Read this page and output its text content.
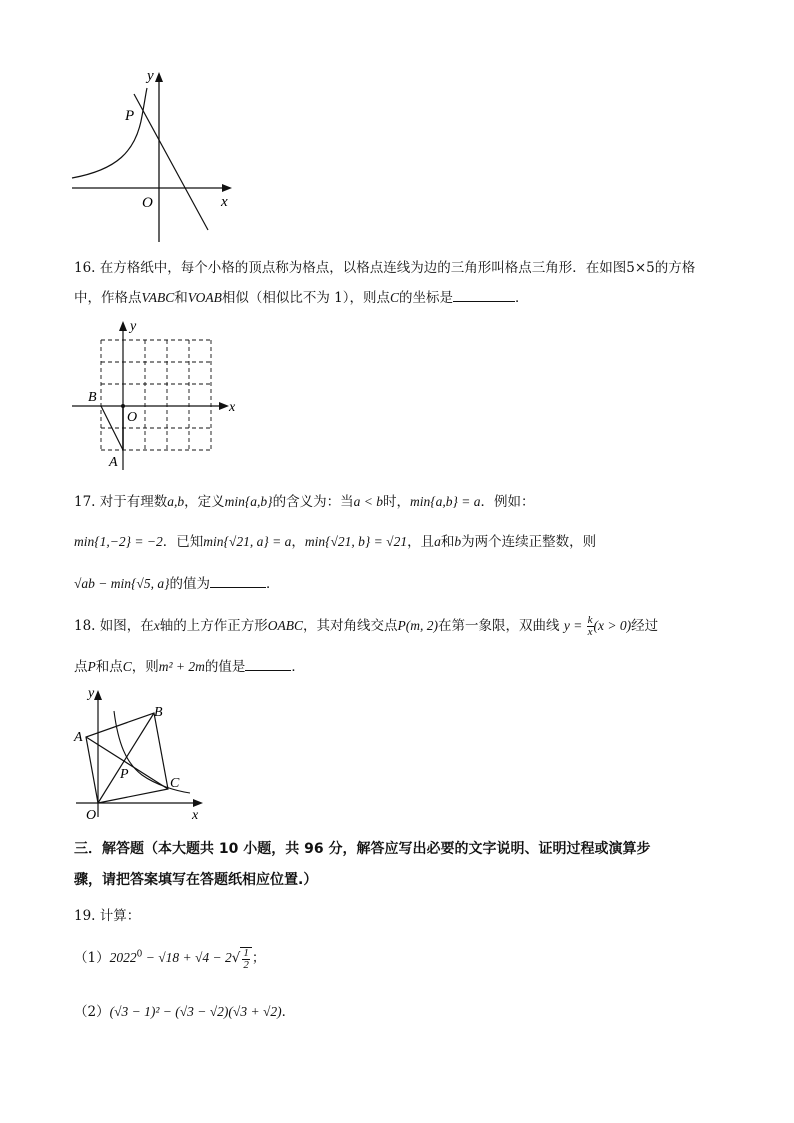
y
x
O
P
16. 在方格纸中，每个小格的顶点称为格点，以格点连线为边的三角形叫格点三角形．在如图5×5的方格
中，作格点VABC和VOAB相似（相似比不为 1），则点C的坐标是	．
y
x
O
B
A
17. 对于有理数a,b，定义min{a,b}的含义为：当a < b时，min{a,b} = a．例如：
min{1,−2} = −2．已知min{√21, a} = a，min{√21, b} = √21，且a和b为两个连续正整数，则
√ab − min{√5, a}的值为	．
18. 如图，在x轴的上方作正方形OABC，其对角线交点P(m, 2)在第一象限，双曲线 $y = \frac{k}{x} (x > 0)$经过
点P和点C，则m² + 2m的值是	．
y
x
O
A
B
C
P
三．解答题（本大题共 10 小题，共 96 分，解答应写出必要的文字说明、证明过程或演算步
骤，请把答案填写在答题纸相应位置.）
19. 计算：
$(1)2022^0 - √18 + √4 - 2√ \frac{1}{2}$ ；
（2）(√3 − 1)² − (√3 − √2)(√3 + √2)．
